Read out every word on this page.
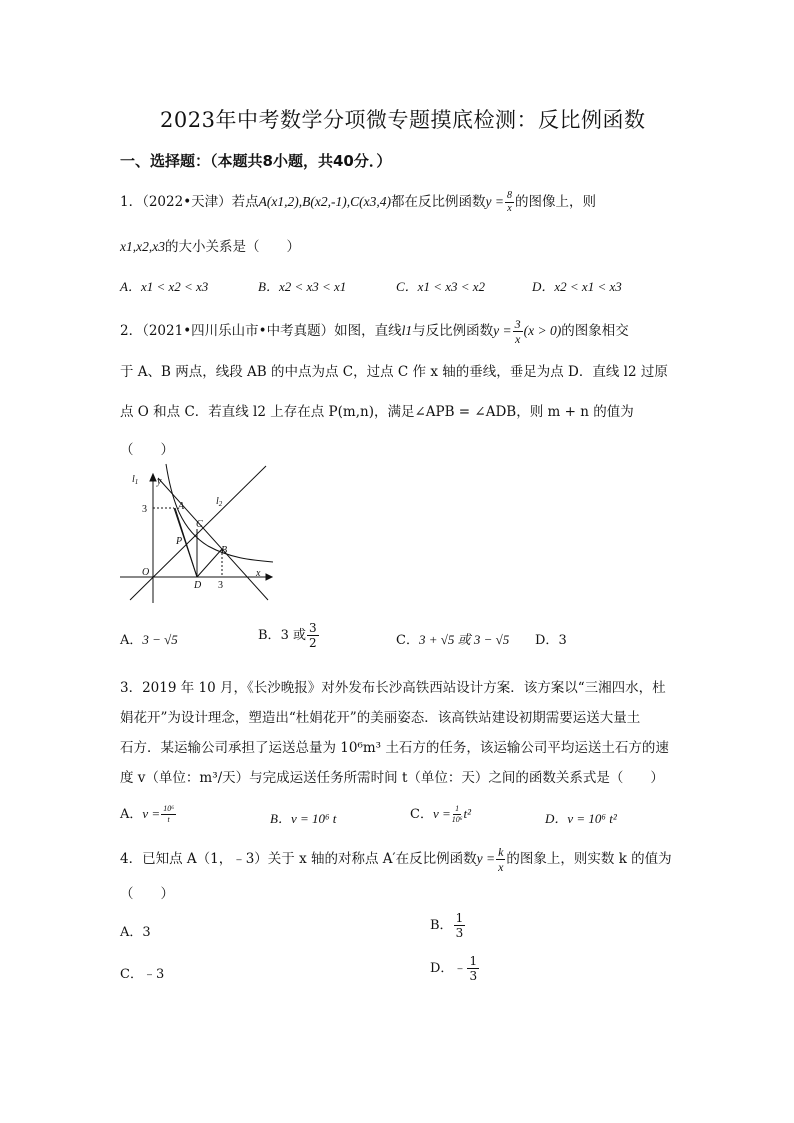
2023年中考数学分项微专题摸底检测：反比例函数
一、选择题：（本题共8小题，共40分．）
1．（2022•天津）若点A(x1,2),B(x2,-1),C(x3,4)都在反比例函数$y = \frac{8}{x}$ 的图像上，则
x1,x2,x3的大小关系是（　　）
A．x1 < x2 < x3	B．x2 < x3 < x1	C．x1 < x3 < x2	D．x2 < x1 < x3
2．（2021•四川乐山市•中考真题）如图，直线l1与反比例函数$y = \frac{3}{x} (x > 0)$的图象相交
于 A、B 两点，线段 AB 的中点为点 C，过点 C 作 x 轴的垂线，垂足为点 D．直线 l2 过原
点 O 和点 C．若直线 l2 上存在点 P(m,n)，满足∠APB = ∠ADB，则 m + n 的值为
（　　）
$l_1$ y
A	$l_2$
3
C
P
B
O
D 3
x
A．3 − √5	B．3 或 $\frac{3}{2}$	C．3 + √5 或 3 − √5 D．3
3．2019 年 10 月，《长沙晚报》对外发布长沙高铁西站设计方案．该方案以“三湘四水，杜
娟花开”为设计理念，塑造出“杜娟花开”的美丽姿态．该高铁站建设初期需要运送大量土
石方．某运输公司承担了运送总量为 10⁶m³ 土石方的任务，该运输公司平均运送土石方的速
度 v（单位：m³/天）与完成运送任务所需时间 t（单位：天）之间的函数关系式是（　　）
A．$v = \frac{\text{10⁶}}{t}$	B．v = 10⁶ t	C．$v = \frac{1}{\text{10⁶}} t^2$	D．v = 10⁶ t²
4．已知点 A（1，﹣3）关于 x 轴的对称点 A′在反比例函数$y = \frac{k}{x}$ 的图象上，则实数 k 的值为
（　　）
A．3	B． $\frac{1}{3}$
C．﹣3	D．﹣ $\frac{1}{3}$
